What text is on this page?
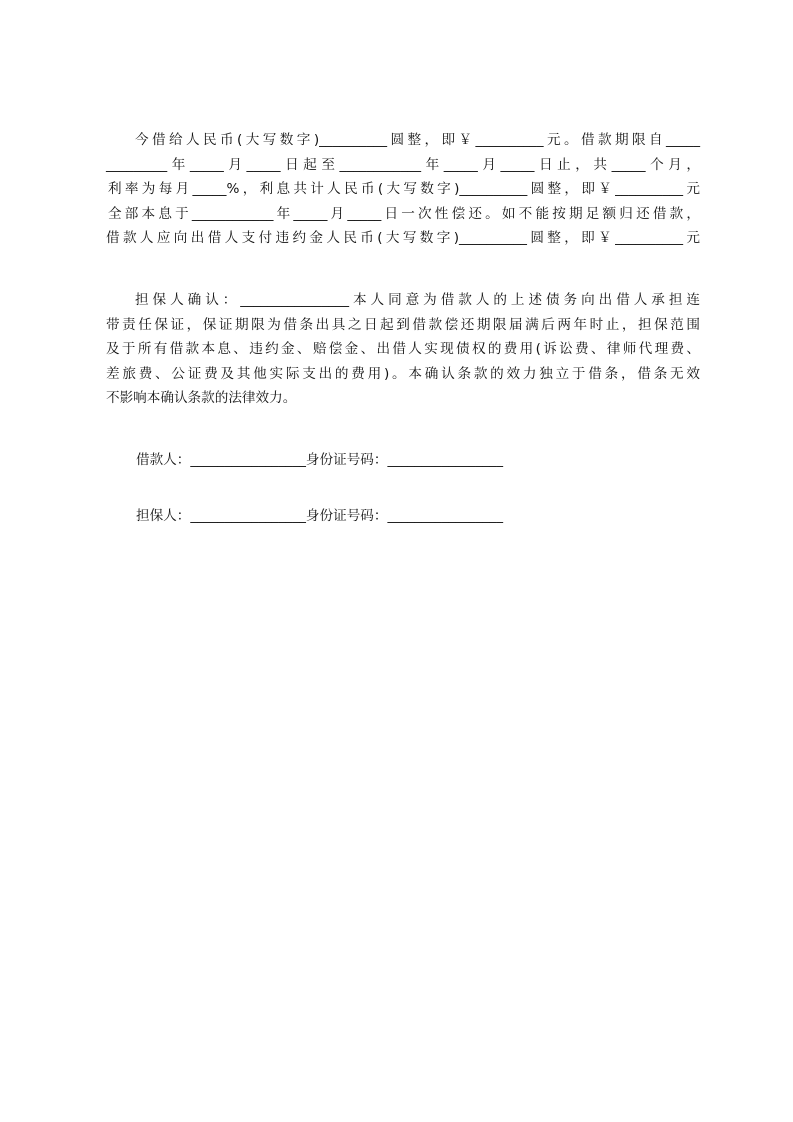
今借给人民币(大写数字)__________圆整，即￥__________元。借款期限自_____
_________年_____月_____日起至____________年_____月_____日止，共_____个月，
利率为每月_____%，利息共计人民币(大写数字)__________圆整，即￥__________元
全部本息于____________年_____月_____日一次性偿还。如不能按期足额归还借款，
借款人应向出借人支付违约金人民币(大写数字)__________圆整，即￥__________元
担保人确认：________________本人同意为借款人的上述债务向出借人承担连
带责任保证，保证期限为借条出具之日起到借款偿还期限届满后两年时止，担保范围
及于所有借款本息、违约金、赔偿金、出借人实现债权的费用(诉讼费、律师代理费、
差旅费、公证费及其他实际支出的费用)。本确认条款的效力独立于借条，借条无效
不影响本确认条款的法律效力。
借款人：_________________身份证号码：_________________
担保人：_________________身份证号码：_________________
